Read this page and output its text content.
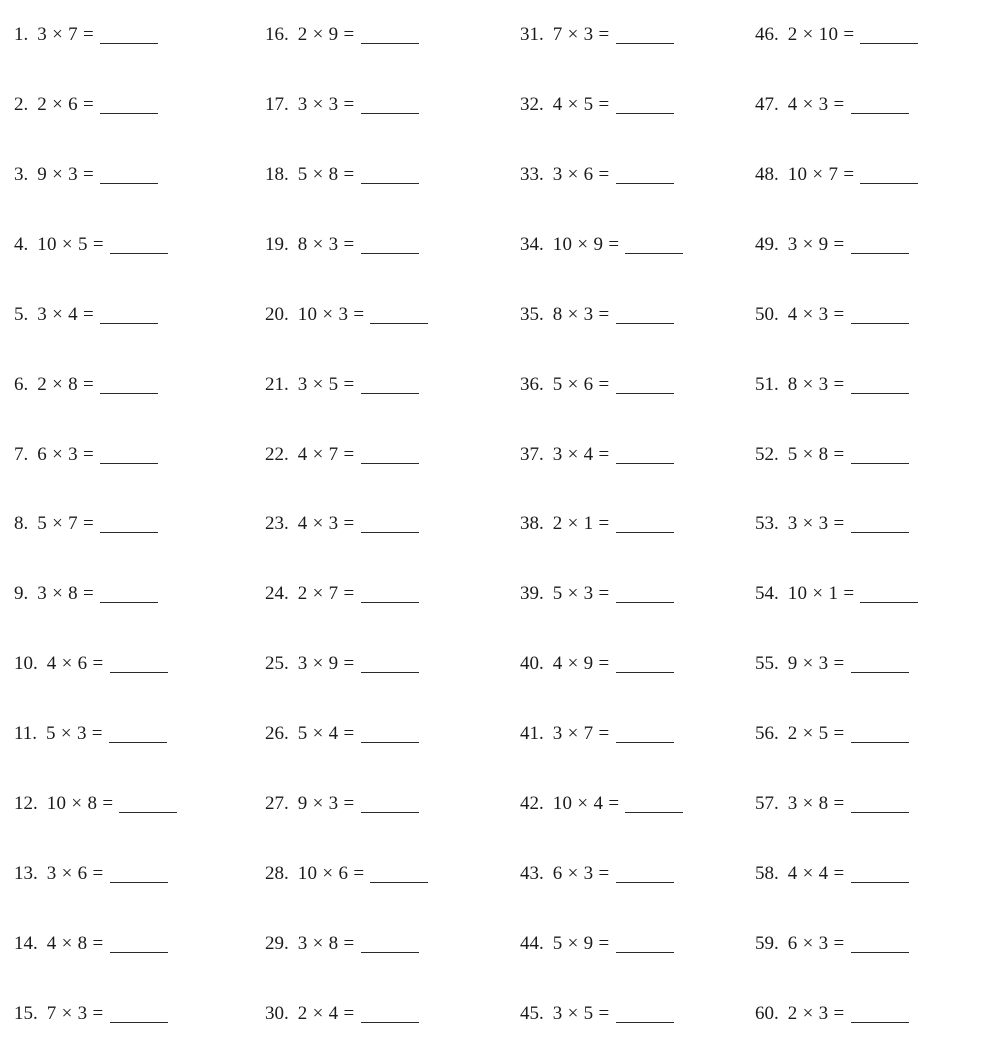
1. 3 × 7 =
2. 2 × 6 =
3. 9 × 3 =
4. 10 × 5 =
5. 3 × 4 =
6. 2 × 8 =
7. 6 × 3 =
8. 5 × 7 =
9. 3 × 8 =
10. 4 × 6 =
11. 5 × 3 =
12. 10 × 8 =
13. 3 × 6 =
14. 4 × 8 =
15. 7 × 3 =
16. 2 × 9 =
17. 3 × 3 =
18. 5 × 8 =
19. 8 × 3 =
20. 10 × 3 =
21. 3 × 5 =
22. 4 × 7 =
23. 4 × 3 =
24. 2 × 7 =
25. 3 × 9 =
26. 5 × 4 =
27. 9 × 3 =
28. 10 × 6 =
29. 3 × 8 =
30. 2 × 4 =
31. 7 × 3 =
32. 4 × 5 =
33. 3 × 6 =
34. 10 × 9 =
35. 8 × 3 =
36. 5 × 6 =
37. 3 × 4 =
38. 2 × 1 =
39. 5 × 3 =
40. 4 × 9 =
41. 3 × 7 =
42. 10 × 4 =
43. 6 × 3 =
44. 5 × 9 =
45. 3 × 5 =
46. 2 × 10 =
47. 4 × 3 =
48. 10 × 7 =
49. 3 × 9 =
50. 4 × 3 =
51. 8 × 3 =
52. 5 × 8 =
53. 3 × 3 =
54. 10 × 1 =
55. 9 × 3 =
56. 2 × 5 =
57. 3 × 8 =
58. 4 × 4 =
59. 6 × 3 =
60. 2 × 3 =
